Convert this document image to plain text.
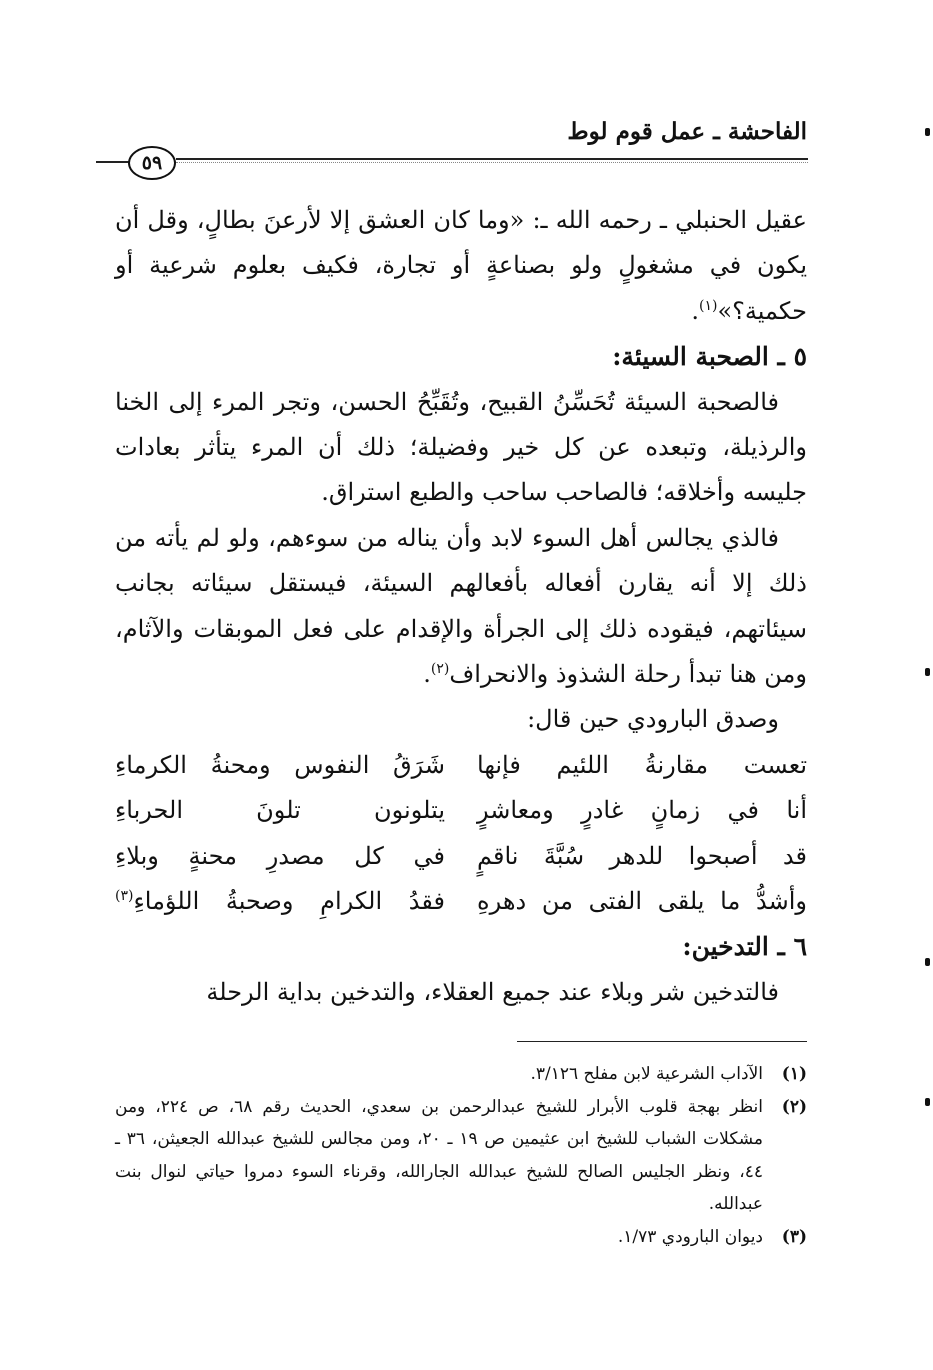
الفاحشة ـ عمل قوم لوط
٥٩

عقيل الحنبلي ـ رحمه الله ـ: «وما كان العشق إلا لأرعنَ بطالٍ، وقل أن يكون في مشغولٍ ولو بصناعةٍ أو تجارة، فكيف بعلوم شرعية أو حكمية؟»$^{(١)}$.

٥ ـ الصحبة السيئة:

فالصحبة السيئة تُحَسِّنُ القبيح، وتُقَبِّحُ الحسن، وتجر المرء إلى الخنا والرذيلة، وتبعده عن كل خير وفضيلة؛ ذلك أن المرء يتأثر بعادات جليسه وأخلاقه؛ فالصاحب ساحب والطبع استراق.

فالذي يجالس أهل السوء لابد وأن يناله من سوءهم، ولو لم يأته من ذلك إلا أنه يقارن أفعاله بأفعالهم السيئة، فيستقل سيئاته بجانب سيئاتهم، فيقوده ذلك إلى الجرأة والإقدام على فعل الموبقات والآثام، ومن هنا تبدأ رحلة الشذوذ والانحراف$^{(٢)}$.

وصدق البارودي حين قال:

تعست مقارنةُ اللئيم فإنها
شَرَقُ النفوس ومحنةُ الكرماءِ
أنا في زمانٍ غادرٍ ومعاشرٍ
يتلونون تلونَ الحرباءِ
قد أصبحوا للدهر سُبَّةَ ناقمٍ
في كل مصدرِ محنةٍ وبلاءِ
وأشدُّ ما يلقى الفتى من دهرهِ
فقدُ الكرامِ وصحبةُ اللؤماءِ$^{(٣)}$

٦ ـ التدخين:

فالتدخين شر وبلاء عند جميع العقلاء، والتدخين بداية الرحلة

(١)
الآداب الشرعية لابن مفلح ٣/١٢٦.
(٢)
انظر بهجة قلوب الأبرار للشيخ عبدالرحمن بن سعدي، الحديث رقم ٦٨، ص ٢٢٤، ومن مشكلات الشباب للشيخ ابن عثيمين ص ١٩ ـ ٢٠، ومن مجالس للشيخ عبدالله الجعيثن، ٣٦ ـ ٤٤، ونظر الجليس الصالح للشيخ عبدالله الجارالله، وقرناء السوء دمروا حياتي لنوال بنت عبدالله.
(٣)
ديوان البارودي ١/٧٣.
